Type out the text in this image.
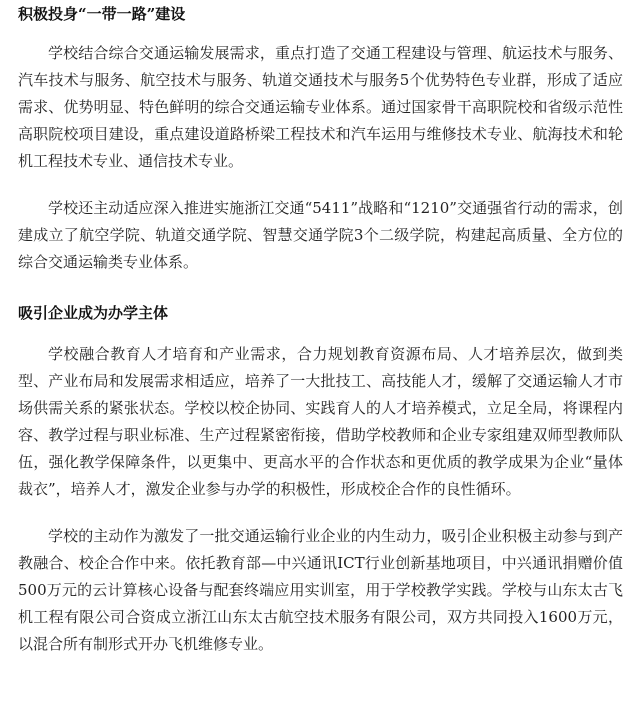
积极投身“一带一路”建设

学校结合综合交通运输发展需求，重点打造了交通工程建设与管理、航运技术与服务、汽车技术与服务、航空技术与服务、轨道交通技术与服务5个优势特色专业群，形成了适应需求、优势明显、特色鲜明的综合交通运输专业体系。通过国家骨干高职院校和省级示范性高职院校项目建设，重点建设道路桥梁工程技术和汽车运用与维修技术专业、航海技术和轮机工程技术专业、通信技术专业。

学校还主动适应深入推进实施浙江交通“5411”战略和“1210”交通强省行动的需求，创建成立了航空学院、轨道交通学院、智慧交通学院3个二级学院，构建起高质量、全方位的综合交通运输类专业体系。

吸引企业成为办学主体

学校融合教育人才培育和产业需求，合力规划教育资源布局、人才培养层次，做到类型、产业布局和发展需求相适应，培养了一大批技工、高技能人才，缓解了交通运输人才市场供需关系的紧张状态。学校以校企协同、实践育人的人才培养模式，立足全局，将课程内容、教学过程与职业标准、生产过程紧密衔接，借助学校教师和企业专家组建双师型教师队伍，强化教学保障条件，以更集中、更高水平的合作状态和更优质的教学成果为企业“量体裁衣”，培养人才，激发企业参与办学的积极性，形成校企合作的良性循环。

学校的主动作为激发了一批交通运输行业企业的内生动力，吸引企业积极主动参与到产教融合、校企合作中来。依托教育部—中兴通讯ICT行业创新基地项目，中兴通讯捐赠价值500万元的云计算核心设备与配套终端应用实训室，用于学校教学实践。学校与山东太古飞机工程有限公司合资成立浙江山东太古航空技术服务有限公司，双方共同投入1600万元，以混合所有制形式开办飞机维修专业。
